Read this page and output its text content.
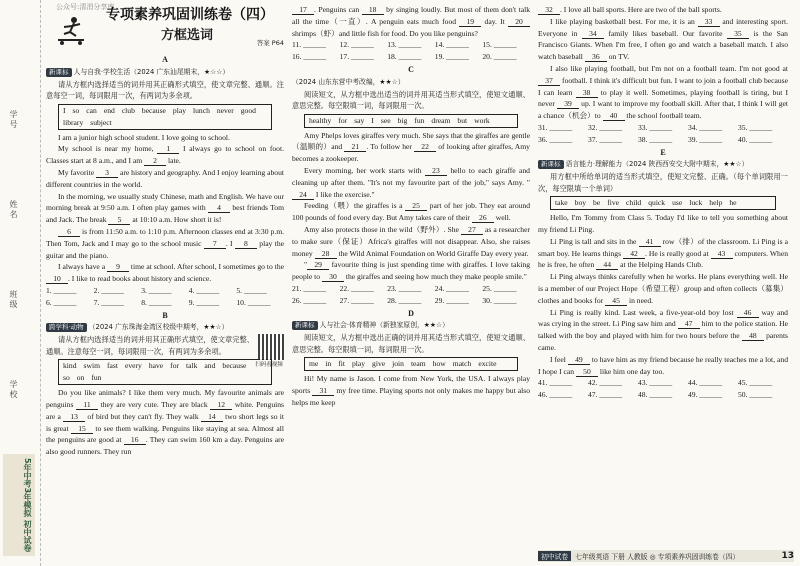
学号
姓名
班级
学校
5年中考3年模拟 初中试卷
公众号:清涓分享库
专项素养巩固训练卷（四）
方框选词	答案 P64
A
新课标 人与自我·学校生活（2024 广东汕尾期末，★☆☆）

请从方框内选择适当的词并用其正确形式填空，使文章完整、通顺。注意每空一词，每词限用一次，有两词为多余项。

I so can end club because play lunch never goodlibrary subject

I am a junior high school student. I love going to school.

My school is near my home, 1 I always go to school on foot. Classes start at 8 a.m., and I am 2 late.

My favorite 3 are history and geography. And I enjoy learning about different countries in the world.

In the morning, we usually study Chinese, math and English. We have our morning break at 9:50 a.m. I often play games with 4 best friends Tom and Jack. The break 5 at 10:10 a.m. How short it is!

6 is from 11:50 a.m. to 1:10 p.m. Afternoon classes end at 3:30 p.m. Then Tom, Jack and I may go to the school music 7 . I 8 play the guitar and the piano.

I always have a 9 time at school. After school, I sometimes go to the 10 . I like to read books about history and science.

1. ______	2. ______	3. ______	4. ______	5. ______
6. ______	7. ______	8. ______	9. ______	10. ______
B
跨学科·动物 （2024 广东珠海金湾区校级中期考，★★☆）
扫码看视频

请从方框内选择适当的词并用其正确形式填空，使文章完整、通顺。注意每空一词，每词限用一次，有两词为多余项。

kind swim fast every have for talk and becauseso on fun

Do you like animals? I like them very much. My favourite animals are penguins 11 they are very cute. They are black 12 white. Penguins are a 13 of bird but they can't fly. They walk 14 two short legs so it is great 15 to see them walking. Penguins like staying at sea. Almost all the penguins are good at 16 . They can swim 160 km a day. Penguins are also good runners. They run

17 . Penguins can 18 by singing loudly. But most of them don't talk all the time（一直）. A penguin eats much food 19 day. It 20 shrimps（虾）and little fish for food. Do you like penguins?

11. ______	12. ______	13. ______	14. ______	15. ______
16. ______	17. ______	18. ______	19. ______	20. ______
C
（2024 山东东营中考改编，★★☆）

阅读短文，从方框中选出适当的词并用其适当形式填空，使短文通顺、意思完整。每空限填一词，每词限用一次。

healthy for say I see big fun dream but work

Amy Phelps loves giraffes very much. She says that the giraffes are gentle（温顺的）and 21 . To follow her 22 of looking after giraffes, Amy becomes a zookeeper.

Every morning, her work starts with 23 hello to each giraffe and cleaning up after them. "It's not my favourite part of the job," says Amy. "24 I like the exercise."

Feeding（喂）the giraffes is a 25 part of her job. They eat around 100 pounds of food every day. But Amy takes care of their 26 well.

Amy also protects those in the wild（野外）. She 27 as a researcher to make sure（保证）Africa's giraffes will not disappear. Also, she raises money 28 the Wild Animal Foundation on World Giraffe Day every year.

" 29 favourite thing is just spending time with giraffes. I love taking people to 30 the giraffes and seeing how much they make people smile."

21. ______	22. ______	23. ______	24. ______	25. ______
26. ______	27. ______	28. ______	29. ______	30. ______
D
新课标 人与社会·体育精神（新独家原创，★★☆）

阅读短文，从方框中选出正确的词并用其适当形式填空，使短文通顺、意思完整。每空限填一词，每词限用一次。

me in fit play give join team how match excite

Hi! My name is Jason. I come from New York, the USA. I always play sports 31 my free time. Playing sports not only makes me happy but also helps me keep

32 . I love all ball sports. Here are two of the ball sports.

I like playing basketball best. For me, it is an 33 and interesting sport. Everyone in 34 family likes baseball. Our favorite 35 is the San Francisco Giants. When I'm free, I often go and watch a baseball match. I also watch baseball 36 on TV.

I also like playing football, but I'm not on a football team. I'm not good at 37 football. I think it's difficult but fun. I want to join a football club because I can learn 38 to play it well. Sometimes, playing football is tiring, but I never 39 up. I want to improve my football skill. After that, I think I will get a chance（机会）to 40 the school football team.

31. ______	32. ______	33. ______	34. ______	35. ______
36. ______	37. ______	38. ______	39. ______	40. ______
E
新课标 语言能力·理解能力（2024 陕西西安交大附中期末，★★☆）

用方框中所给单词的适当形式填空，使短文完整、正确。（每个单词限用一次，每空限填一个单词）

take boy be five child quick use luck help he

Hello, I'm Tommy from Class 5. Today I'd like to tell you something about my friend Li Ping.

Li Ping is tall and sits in the 41 row（排）of the classroom. Li Ping is a smart boy. He learns things 42 . He is really good at 43 computers. When he is free, he often 44 at the Helping Hands Club.

Li Ping always thinks carefully when he works. He plans everything well. He is a member of our Project Hope（希望工程）group and often collects（募集）clothes and books for 45 in need.

Li Ping is really kind. Last week, a five-year-old boy lost 46 way and was crying in the street. Li Ping saw him and 47 him to the police station. He talked with the boy and played with him for two hours before the 48 parents came.

I feel 49 to have him as my friend because he really teaches me a lot, and I hope I can 50 like him one day too.

41. ______	42. ______	43. ______	44. ______	45. ______
46. ______	47. ______	48. ______	49. ______	50. ______
初中试卷	七年级英语 下册 人教版 ◎ 专项素养巩固训练卷（四）	13
